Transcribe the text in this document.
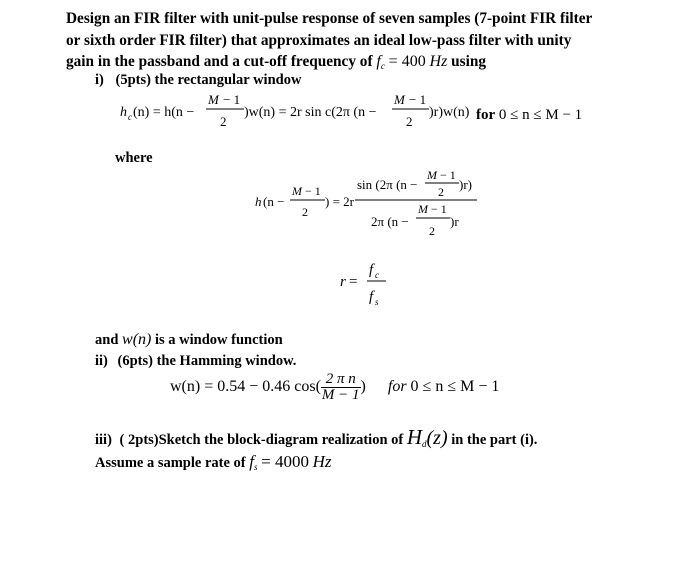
Design an FIR filter with unit-pulse response of seven samples (7-point FIR filter
or sixth order FIR filter) that approximates an ideal low-pass filter with unity
gain in the passband and a cut-off frequency of $f_c = 400$ Hz using
i) (5pts) the rectangular window
h c (n) = h(n −
M − 1
2
)w(n) = 2r sin c(2π (n −
M − 1
2
)r)w(n) for 0 ≤ n ≤ M − 1
where
h (n −
M − 1
2
) = 2r
sin (2π (n −
M − 1
2 )r)
2π (n −
M − 1
2
)r
r =
f c
f s
and w(n) is a window function
ii) (6pts) the Hamming window.
w(n) = 0.54 − 0.46 $\cos( \frac{\text{2 π n}}{M - 1}$ ) for 0 ≤ n ≤ M − 1
iii) ( 2pts)Sketch the block-diagram realization of $H_d(z)$ in the part (i).
Assume a sample rate of $f_s = 4000$ Hz
